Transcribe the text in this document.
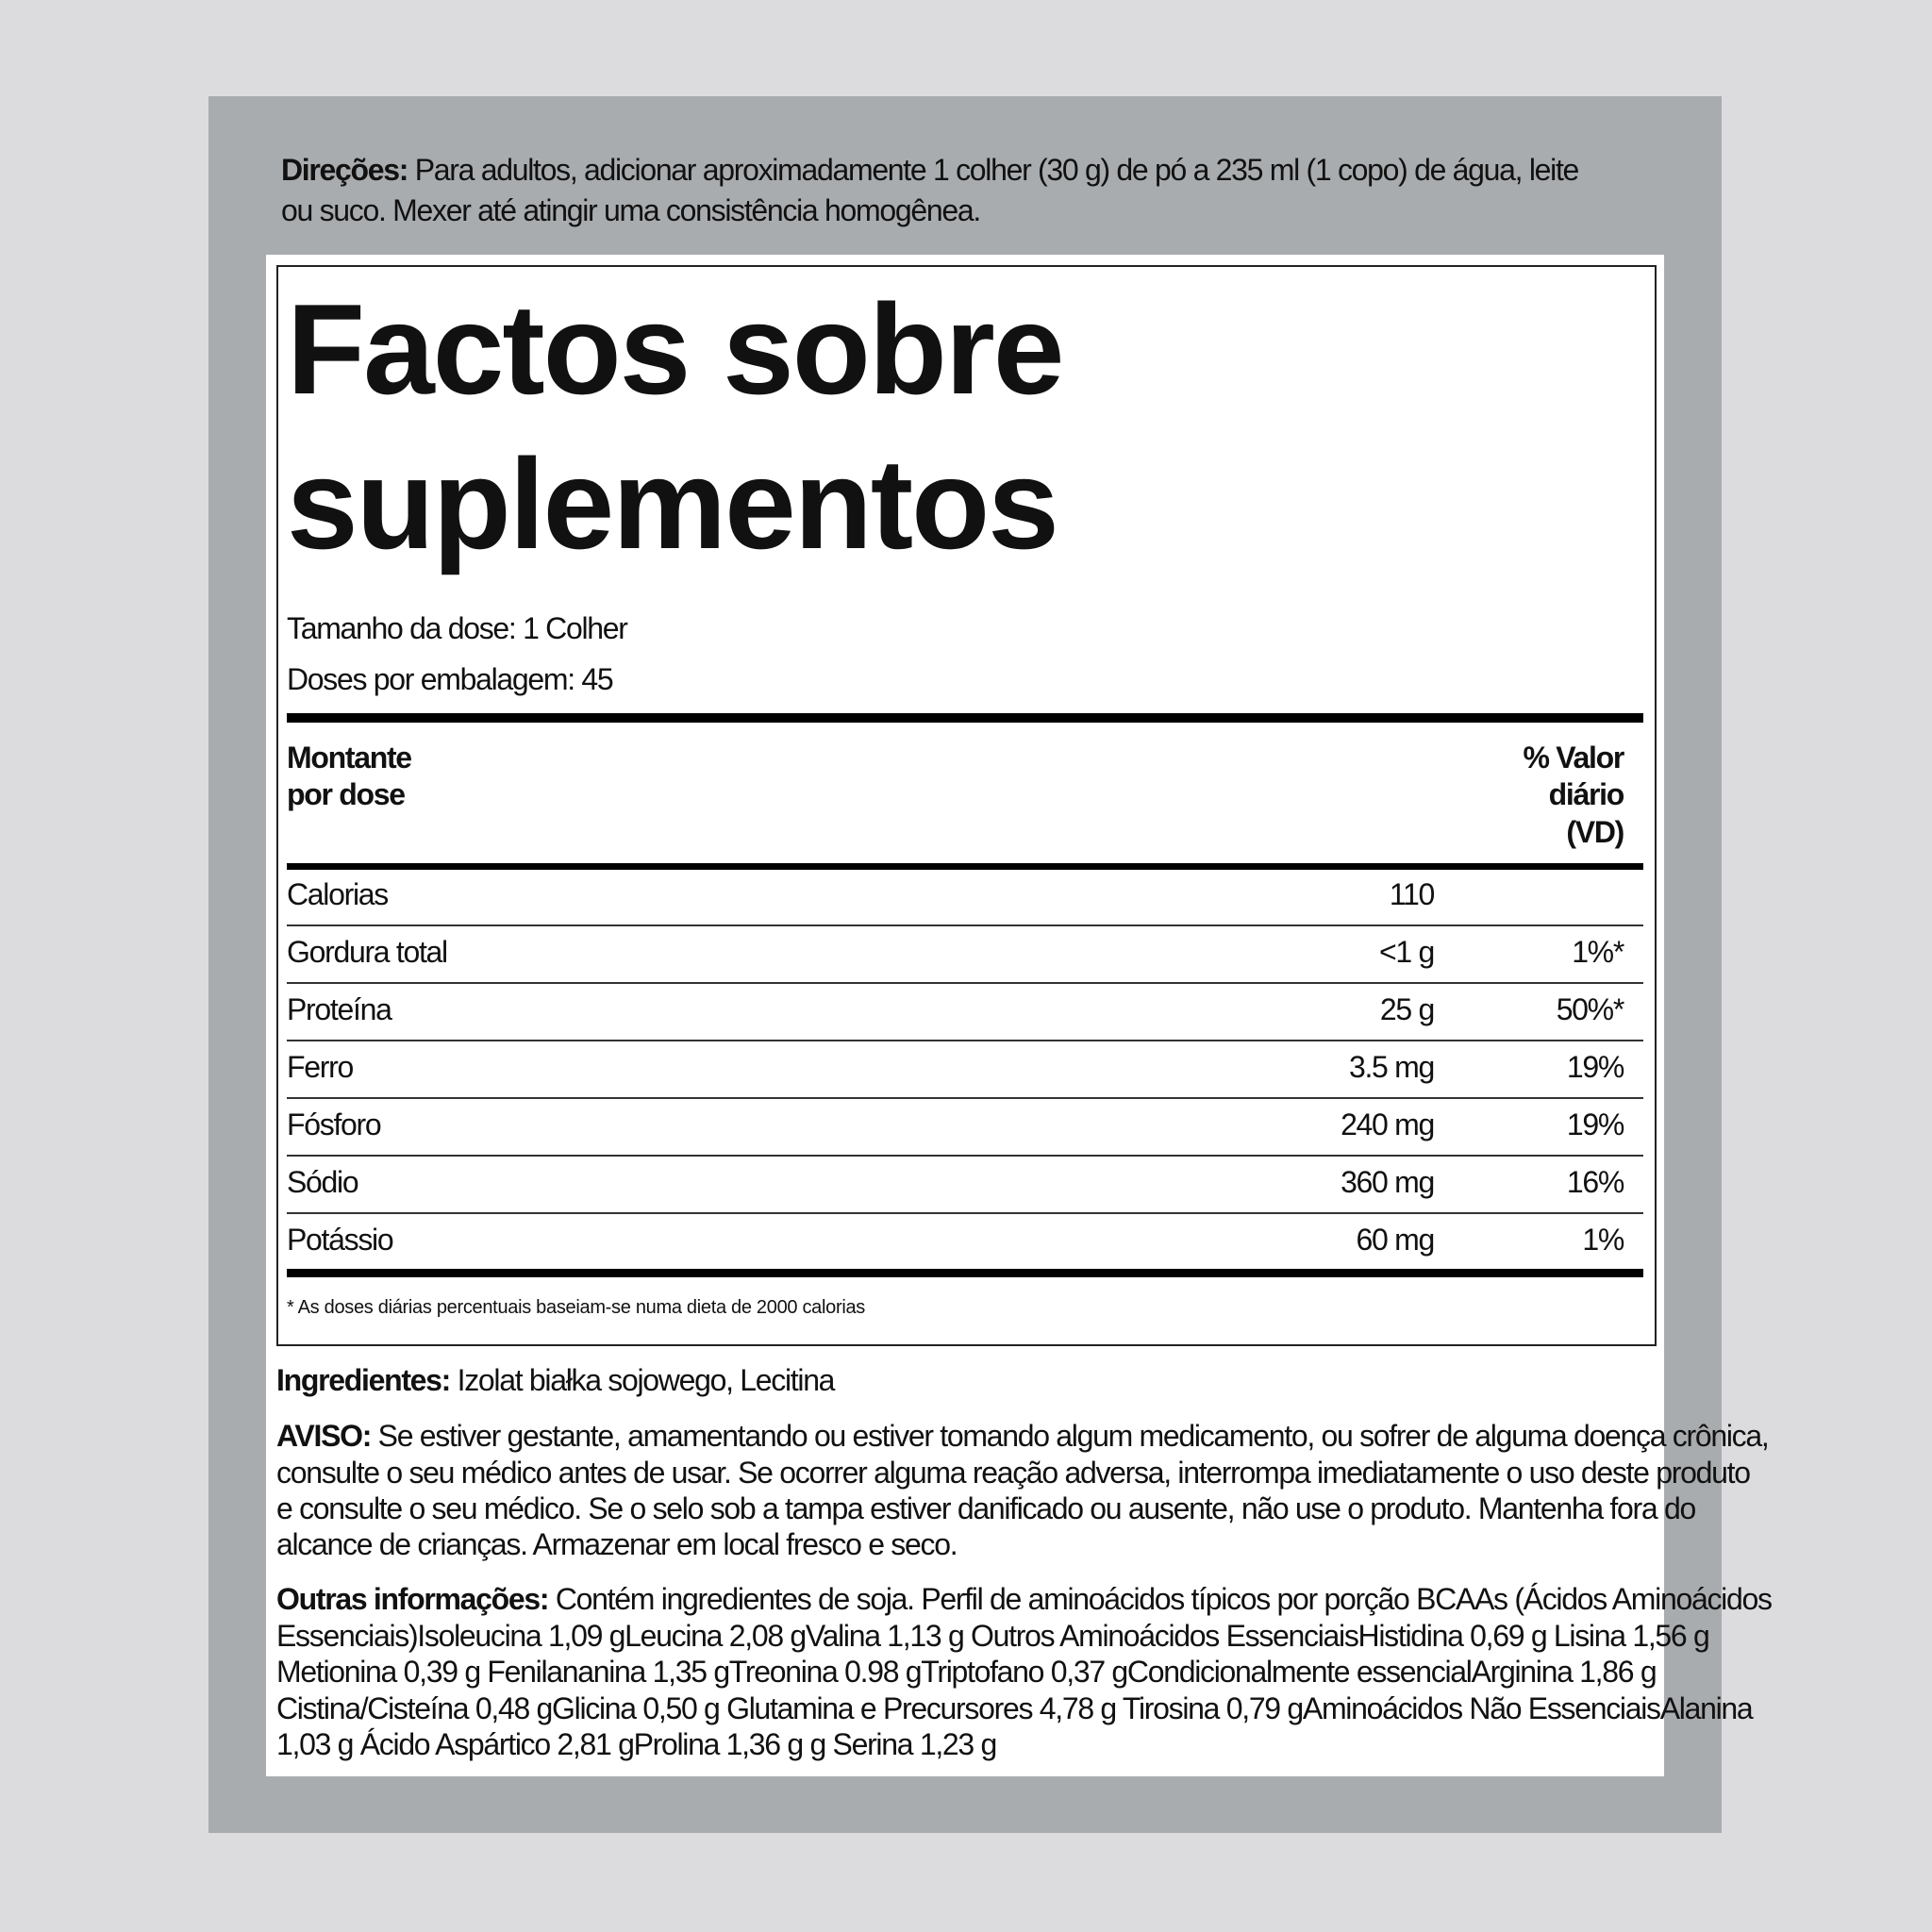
Direções: Para adultos, adicionar aproximadamente 1 colher (30 g) de pó a 235 ml (1 copo) de água, leite
ou suco. Mexer até atingir uma consistência homogênea.
Factos sobre
suplementos
Tamanho da dose: 1 Colher
Doses por embalagem: 45
Montante
por dose
% Valor
diário
(VD)
Calorias	110
Gordura total	<1 g	1%*
Proteína	25 g	50%*
Ferro	3.5 mg	19%
Fósforo	240 mg	19%
Sódio	360 mg	16%
Potássio	60 mg	1%
* As doses diárias percentuais baseiam-se numa dieta de 2000 calorias
Ingredientes: Izolat białka sojowego, Lecitina
AVISO: Se estiver gestante, amamentando ou estiver tomando algum medicamento, ou sofrer de alguma doença crônica,
consulte o seu médico antes de usar. Se ocorrer alguma reação adversa, interrompa imediatamente o uso deste produto
e consulte o seu médico. Se o selo sob a tampa estiver danificado ou ausente, não use o produto. Mantenha fora do
alcance de crianças. Armazenar em local fresco e seco.
Outras informações: Contém ingredientes de soja. Perfil de aminoácidos típicos por porção BCAAs (Ácidos Aminoácidos
Essenciais)Isoleucina 1,09 gLeucina 2,08 gValina 1,13 g Outros Aminoácidos EssenciaisHistidina 0,69 g Lisina 1,56 g
Metionina 0,39 g Fenilananina 1,35 gTreonina 0.98 gTriptofano 0,37 gCondicionalmente essencialArginina 1,86 g
Cistina/Cisteína 0,48 gGlicina 0,50 g Glutamina e Precursores 4,78 g Tirosina 0,79 gAminoácidos Não EssenciaisAlanina
1,03 g Ácido Aspártico 2,81 gProlina 1,36 g g Serina 1,23 g
